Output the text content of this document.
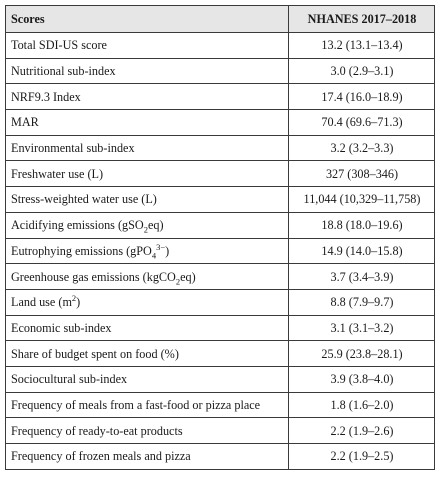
Scores	NHANES 2017–2018
Total SDI-US score	13.2 (13.1–13.4)
Nutritional sub-index	3.0 (2.9–3.1)
NRF9.3 Index	17.4 (16.0–18.9)
MAR	70.4 (69.6–71.3)
Environmental sub-index	3.2 (3.2–3.3)
Freshwater use (L)	327 (308–346)
Stress-weighted water use (L)	11,044 (10,329–11,758)
Acidifying emissions (gSO$_2$eq)	18.8 (18.0–19.6)
Eutrophying emissions (gPO$_4^{3-}$)	14.9 (14.0–15.8)
Greenhouse gas emissions (kgCO$_2$eq)	3.7 (3.4–3.9)
Land use $(m^2)$	8.8 (7.9–9.7)
Economic sub-index	3.1 (3.1–3.2)
Share of budget spent on food (%)	25.9 (23.8–28.1)
Sociocultural sub-index	3.9 (3.8–4.0)
Frequency of meals from a fast-food or pizza place	1.8 (1.6–2.0)
Frequency of ready-to-eat products	2.2 (1.9–2.6)
Frequency of frozen meals and pizza	2.2 (1.9–2.5)
